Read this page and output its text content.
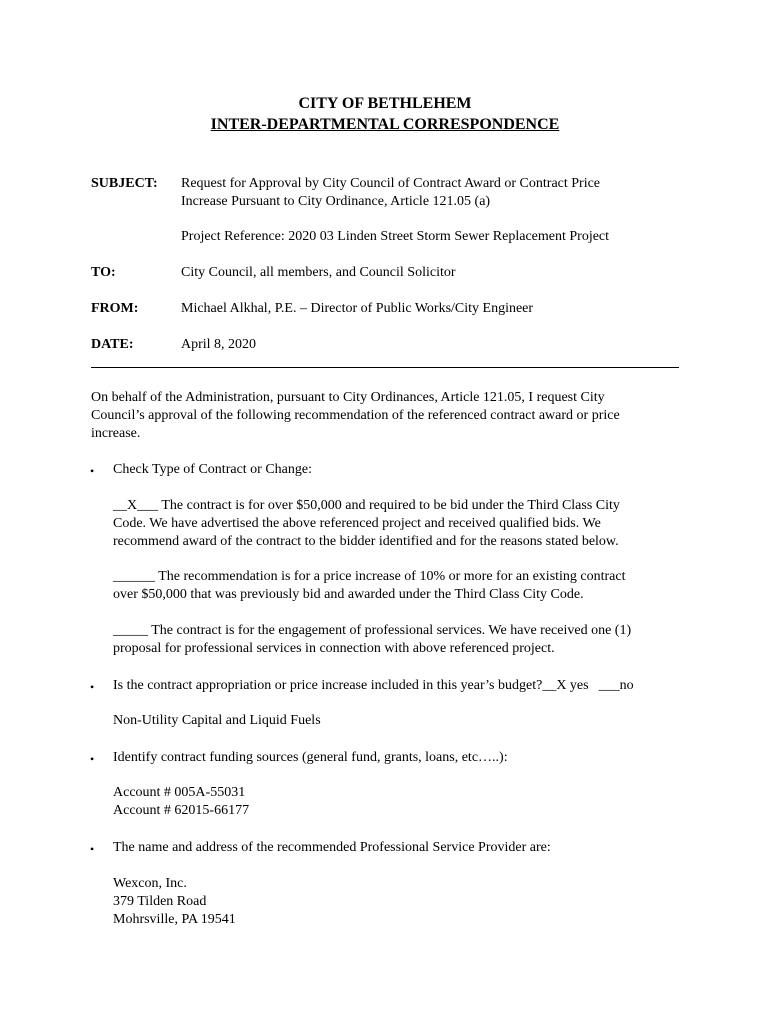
CITY OF BETHLEHEM
INTER-DEPARTMENTAL CORRESPONDENCE
SUBJECT: Request for Approval by City Council of Contract Award or Contract Price
Increase Pursuant to City Ordinance, Article 121.05 (a)
Project Reference: 2020 03 Linden Street Storm Sewer Replacement Project
TO:	City Council, all members, and Council Solicitor
FROM:	Michael Alkhal, P.E. – Director of Public Works/City Engineer
DATE:	April 8, 2020
On behalf of the Administration, pursuant to City Ordinances, Article 121.05, I request City
Council’s approval of the following recommendation of the referenced contract award or price
increase.
• Check Type of Contract or Change:
__X___ The contract is for over $50,000 and required to be bid under the Third Class City
Code. We have advertised the above referenced project and received qualified bids. We
recommend award of the contract to the bidder identified and for the reasons stated below.
______ The recommendation is for a price increase of 10% or more for an existing contract
over $50,000 that was previously bid and awarded under the Third Class City Code.
_____ The contract is for the engagement of professional services. We have received one (1)
proposal for professional services in connection with above referenced project.
• Is the contract appropriation or price increase included in this year’s budget?__X yes ___no
Non-Utility Capital and Liquid Fuels
• Identify contract funding sources (general fund, grants, loans, etc…..):
Account # 005A-55031
Account # 62015-66177
• The name and address of the recommended Professional Service Provider are:
Wexcon, Inc.
379 Tilden Road
Mohrsville, PA 19541
